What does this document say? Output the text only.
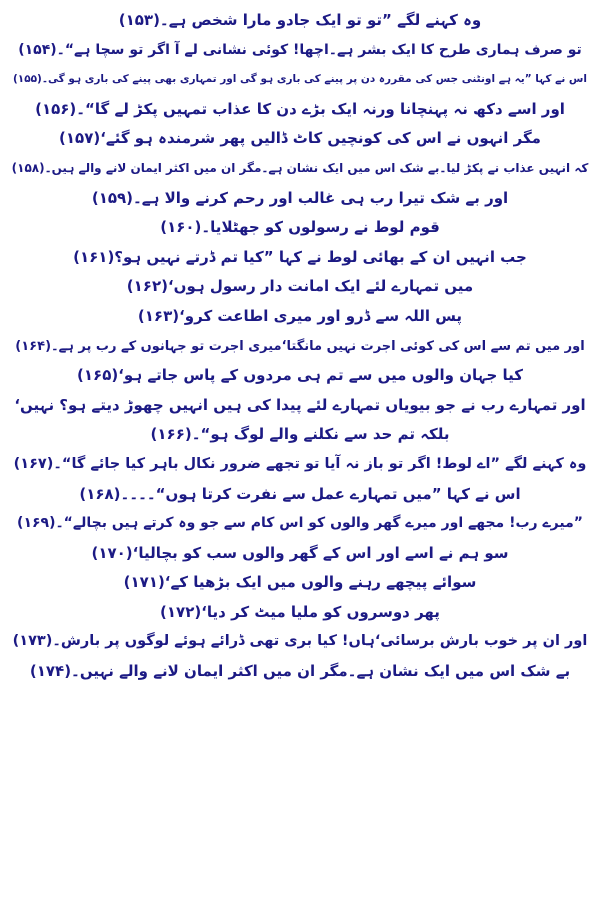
وہ کہنے لگے ”تو تو ایک جادو مارا شخص ہے۔(۱۵۳)
تو صرف ہماری طرح کا ایک بشر ہے۔اچھا! کوئی نشانی لے آ اگر تو سچا ہے“۔(۱۵۴)
اس نے کہا ”یہ ہے اونٹنی جس کی مقررہ دن پر پینے کی باری ہو گی اور تمہاری بھی پینے کی باری ہو گی۔(۱۵۵)
اور اسے دکھ نہ پہنچانا ورنہ ایک بڑے دن کا عذاب تمہیں پکڑ لے گا“۔(۱۵۶)
مگر انہوں نے اس کی کونچیں کاٹ ڈالیں پھر شرمندہ ہو گئے‘(۱۵۷)
کہ انہیں عذاب نے پکڑ لیا۔بے شک اس میں ایک نشان ہے۔مگر ان میں اکثر ایمان لانے والے ہیں۔(۱۵۸)
اور بے شک تیرا رب ہی غالب اور رحم کرنے والا ہے۔(۱۵۹)
قوم لوط نے رسولوں کو جھٹلایا۔(۱۶۰)
جب انہیں ان کے بھائی لوط نے کہا ”کیا تم ڈرتے نہیں ہو؟(۱۶۱)
میں تمہارے لئے ایک امانت دار رسول ہوں‘(۱۶۲)
پس اللہ سے ڈرو اور میری اطاعت کرو‘(۱۶۳)
اور میں تم سے اس کی کوئی اجرت نہیں مانگتا‘میری اجرت تو جہانوں کے رب پر ہے۔(۱۶۴)
کیا جہان والوں میں سے تم ہی مردوں کے پاس جاتے ہو‘(۱۶۵)
اور تمہارے رب نے جو بیویاں تمہارے لئے پیدا کی ہیں انہیں چھوڑ دیتے ہو؟ نہیں‘
بلکہ تم حد سے نکلنے والے لوگ ہو“۔(۱۶۶)
وہ کہنے لگے ”اے لوط! اگر تو باز نہ آیا تو تجھے ضرور نکال باہر کیا جائے گا“۔(۱۶۷)
اس نے کہا ”میں تمہارے عمل سے نفرت کرتا ہوں“۔۔۔۔(۱۶۸)
”میرے رب! مجھے اور میرے گھر والوں کو اس کام سے جو وہ کرتے ہیں بچالے“۔(۱۶۹)
سو ہم نے اسے اور اس کے گھر والوں سب کو بچالیا‘(۱۷۰)
سوائے پیچھے رہنے والوں میں ایک بڑھیا کے‘(۱۷۱)
پھر دوسروں کو ملیا میٹ کر دیا‘(۱۷۲)
اور ان پر خوب بارش برسائی‘ہاں! کیا بری تھی ڈرائے ہوئے لوگوں پر بارش۔(۱۷۳)
بے شک اس میں ایک نشان ہے۔مگر ان میں اکثر ایمان لانے والے نہیں۔(۱۷۴)
